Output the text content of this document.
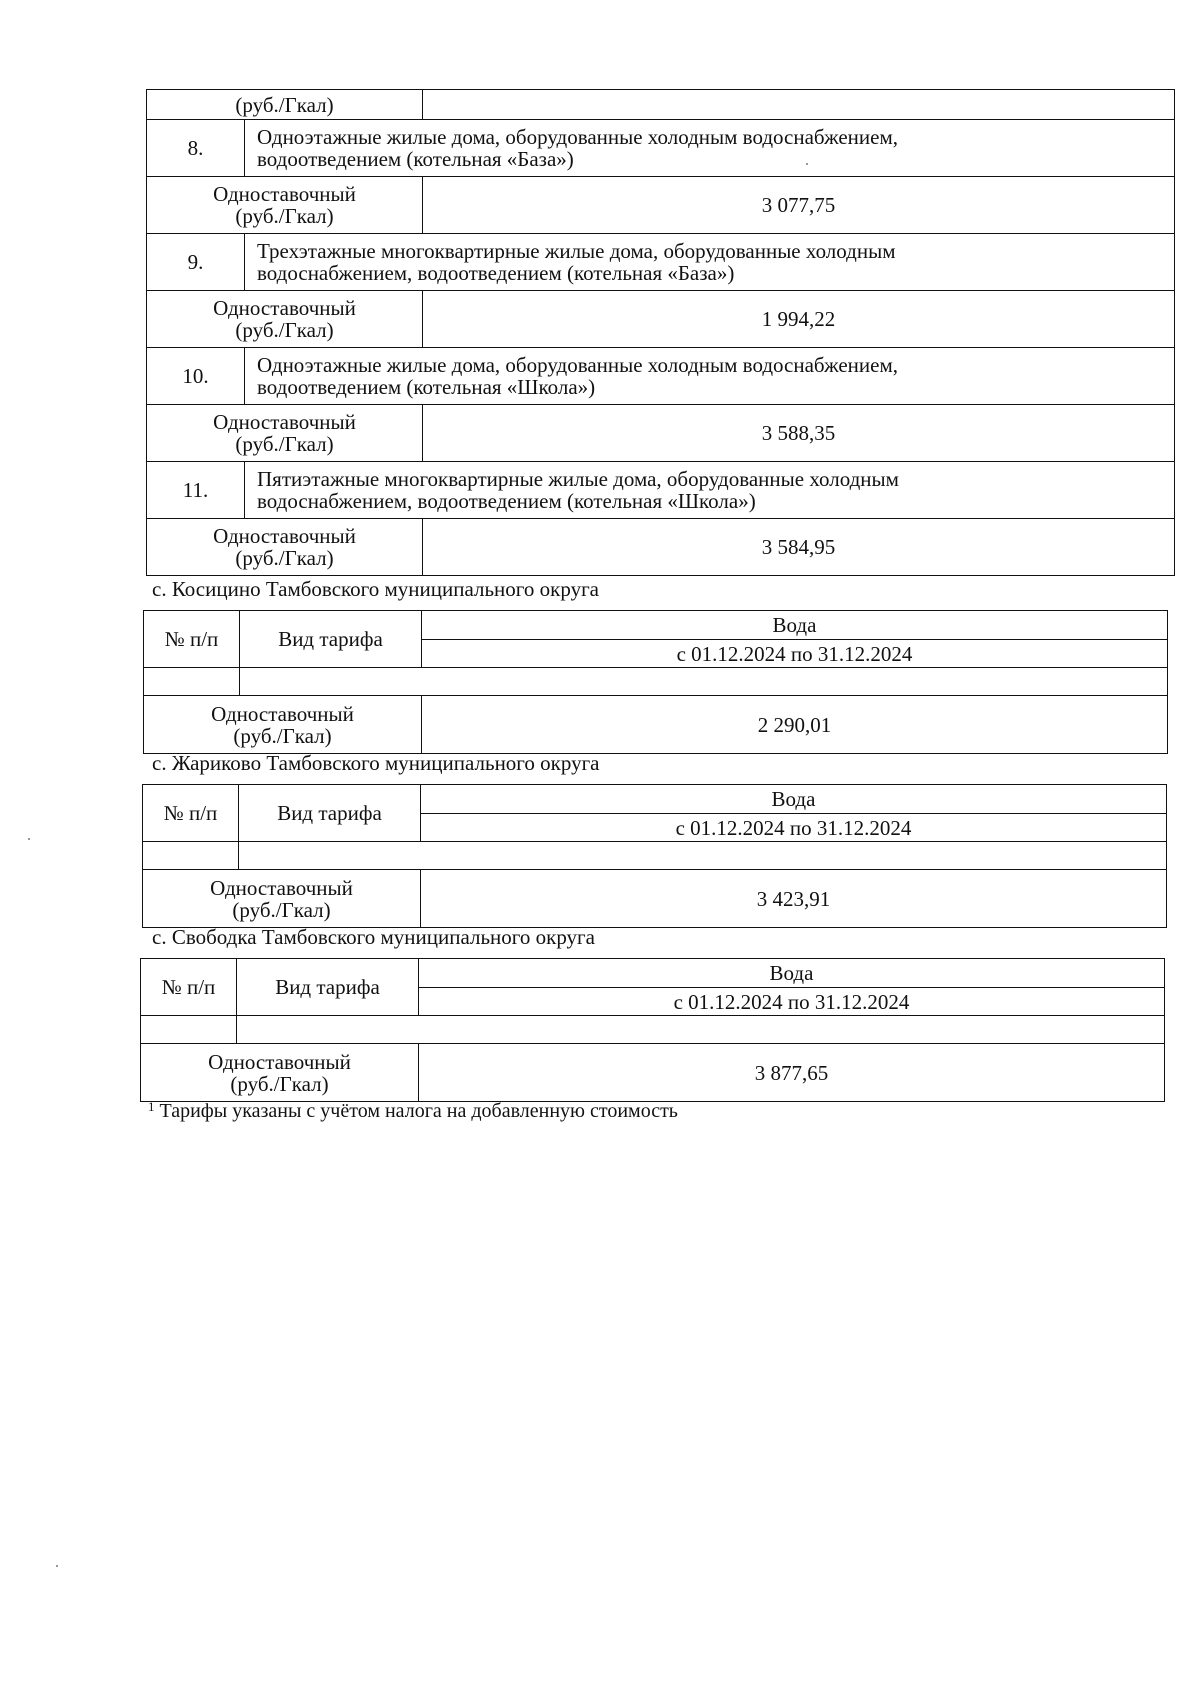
(руб./Гкал)		
8.	Одноэтажные жилые дома, оборудованные холодным водоснабжением,
водоотведением (котельная «База»)	
Одноставочный
(руб./Гкал)		3 077,75
9.	Трехэтажные многоквартирные жилые дома, оборудованные холодным
водоснабжением, водоотведением (котельная «База»)	
Одноставочный
(руб./Гкал)		1 994,22
10.	Одноэтажные жилые дома, оборудованные холодным водоснабжением,
водоотведением (котельная «Школа»)	
Одноставочный
(руб./Гкал)		3 588,35
11.	Пятиэтажные многоквартирные жилые дома, оборудованные холодным
водоснабжением, водоотведением (котельная «Школа»)	
Одноставочный
(руб./Гкал)		3 584,95
с. Косицино Тамбовского муниципального округа
№ п/п	Вид тарифа	Вода
		с 01.12.2024 по 31.12.2024

Одноставочный
(руб./Гкал)		2 290,01
с. Жариково Тамбовского муниципального округа
№ п/п	Вид тарифа	Вода
		с 01.12.2024 по 31.12.2024

Одноставочный
(руб./Гкал)		3 423,91
с. Свободка Тамбовского муниципального округа
№ п/п	Вид тарифа	Вода
		с 01.12.2024 по 31.12.2024

Одноставочный
(руб./Гкал)		3 877,65
$^1$ Тарифы указаны с учётом налога на добавленную стоимость
